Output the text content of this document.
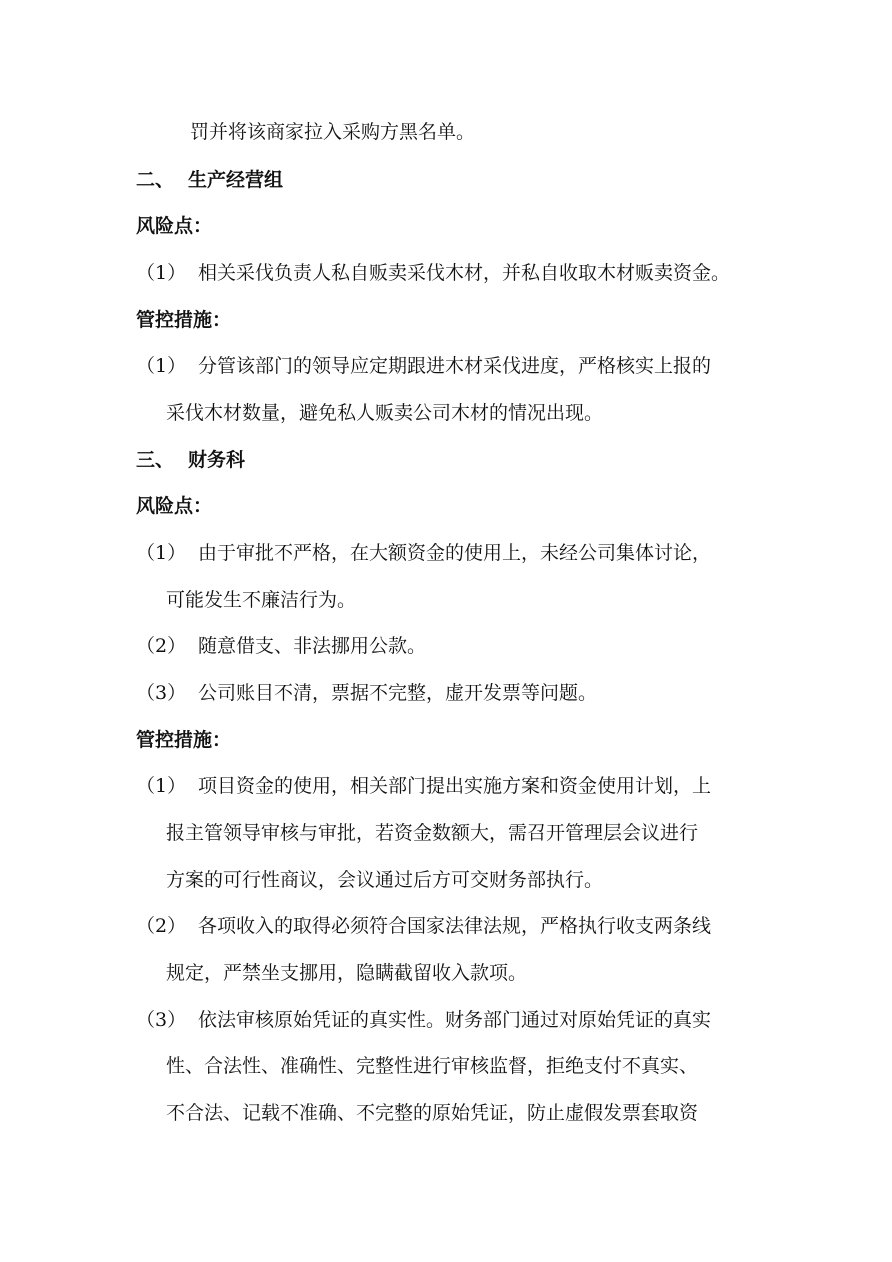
罚并将该商家拉入采购方黑名单。
二、 生产经营组
风险点：
（1） 相关采伐负责人私自贩卖采伐木材，并私自收取木材贩卖资金。
管控措施：
（1） 分管该部门的领导应定期跟进木材采伐进度，严格核实上报的
采伐木材数量，避免私人贩卖公司木材的情况出现。
三、 财务科
风险点：
（1） 由于审批不严格，在大额资金的使用上，未经公司集体讨论，
可能发生不廉洁行为。
（2） 随意借支、非法挪用公款。
（3） 公司账目不清，票据不完整，虚开发票等问题。
管控措施：
（1） 项目资金的使用，相关部门提出实施方案和资金使用计划，上
报主管领导审核与审批，若资金数额大，需召开管理层会议进行
方案的可行性商议，会议通过后方可交财务部执行。
（2） 各项收入的取得必须符合国家法律法规，严格执行收支两条线
规定，严禁坐支挪用，隐瞒截留收入款项。
（3） 依法审核原始凭证的真实性。财务部门通过对原始凭证的真实
性、合法性、准确性、完整性进行审核监督，拒绝支付不真实、
不合法、记载不准确、不完整的原始凭证，防止虚假发票套取资
